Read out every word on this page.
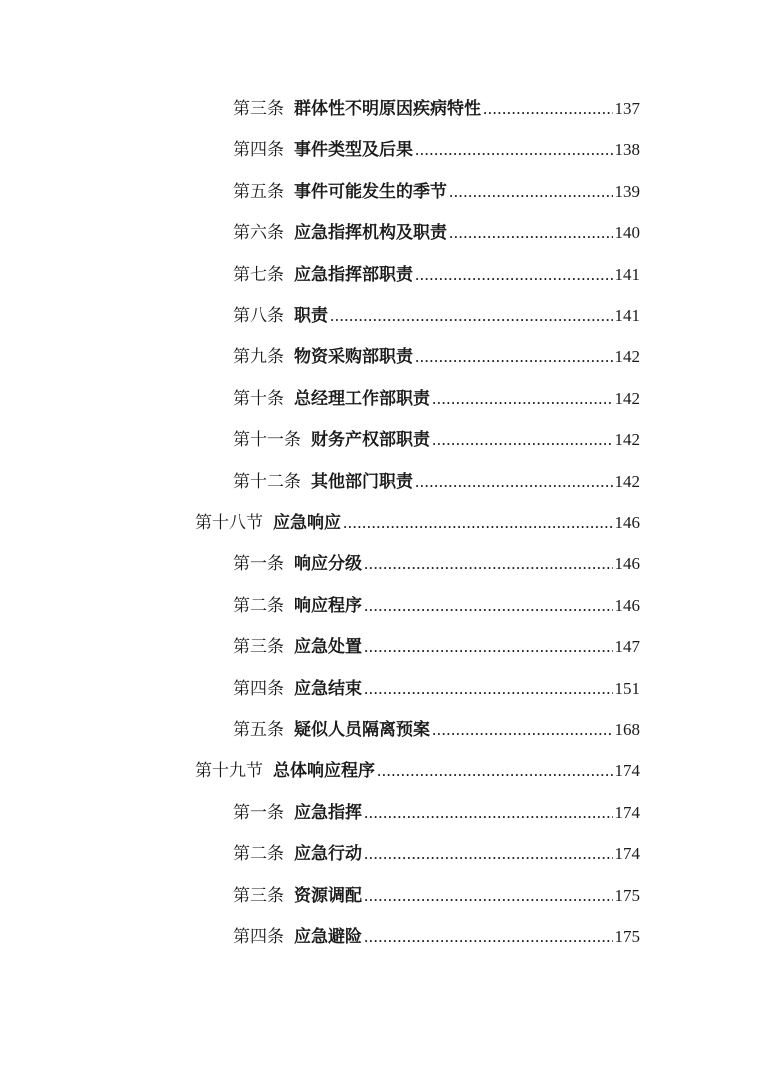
第三条 群体性不明原因疾病特性 .....	137
第四条 事件类型及后果 .....	138
第五条 事件可能发生的季节 .....	139
第六条 应急指挥机构及职责 .....	140
第七条 应急指挥部职责 .....	141
第八条 职责 .....	141
第九条 物资采购部职责 .....	142
第十条 总经理工作部职责 .....	142
第十一条 财务产权部职责 .....	142
第十二条 其他部门职责 .....	142
第十八节 应急响应 .....	146
第一条 响应分级 .....	146
第二条 响应程序 .....	146
第三条 应急处置 .....	147
第四条 应急结束 .....	151
第五条 疑似人员隔离预案 .....	168
第十九节 总体响应程序 .....	174
第一条 应急指挥 .....	174
第二条 应急行动 .....	174
第三条 资源调配 .....	175
第四条 应急避险 .....	175
